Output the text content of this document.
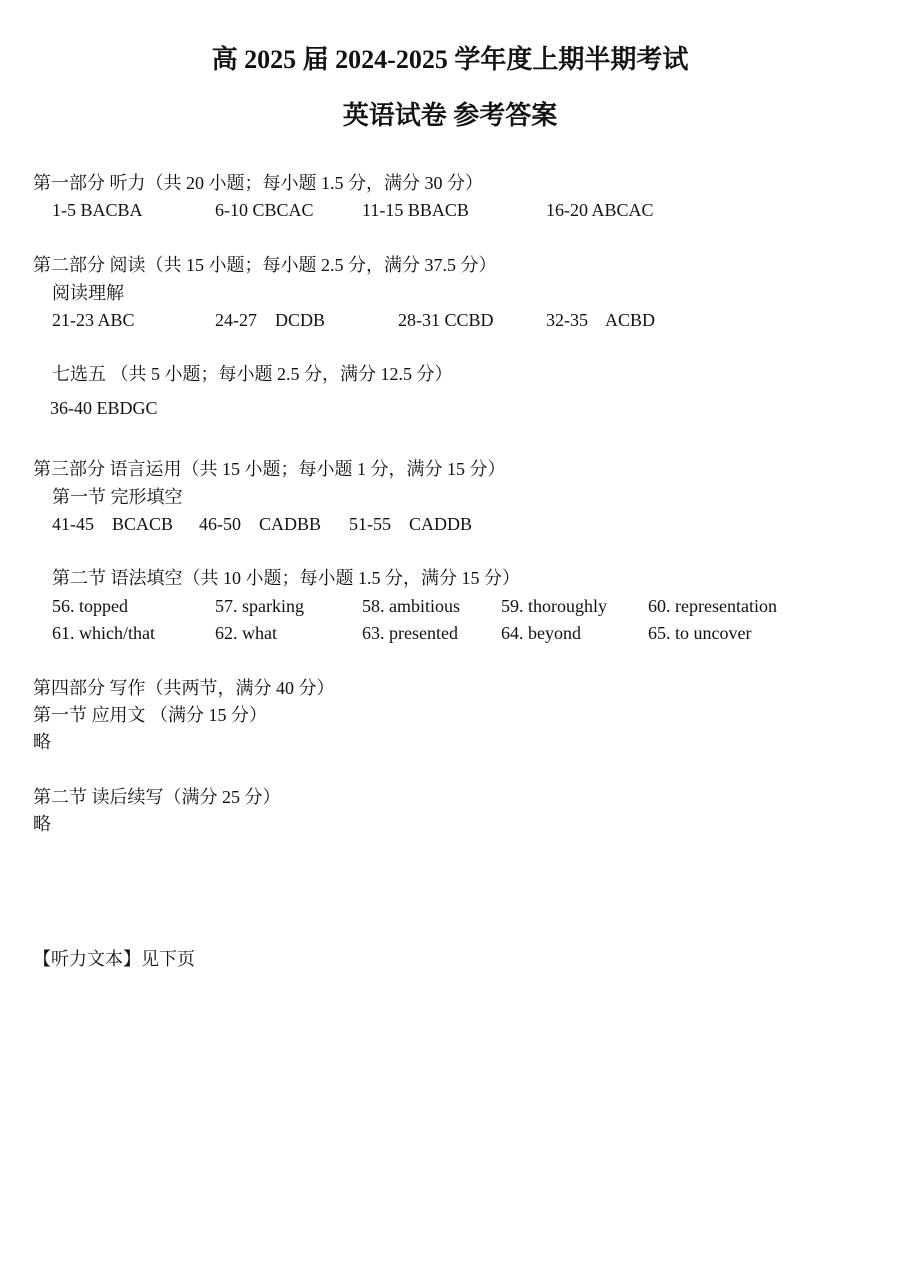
高 2025 届 2024-2025 学年度上期半期考试
英语试卷 参考答案
第一部分 听力（共 20 小题；每小题 1.5 分，满分 30 分）
1-5 BACBA	6-10 CBCAC	11-15 BBACB	16-20 ABCAC
第二部分 阅读（共 15 小题；每小题 2.5 分，满分 37.5 分）
阅读理解
21-23 ABC	24-27    DCDB	28-31 CCBD	32-35    ACBD
七选五 （共 5 小题；每小题 2.5 分，满分 12.5 分）
36-40 EBDGC
第三部分 语言运用（共 15 小题；每小题 1 分，满分 15 分）
第一节 完形填空
41-45    BCACB 46-50    CADBB 51-55    CADDB
第二节 语法填空（共 10 小题；每小题 1.5 分，满分 15 分）
56. topped	57. sparking	58. ambitious 59. thoroughly 60. representation
61. which/that	62. what	63. presented 64. beyond	65. to uncover
第四部分 写作（共两节，满分 40 分）
第一节 应用文 （满分 15 分）
略
第二节 读后续写（满分 25 分）
略
【听力文本】见下页
